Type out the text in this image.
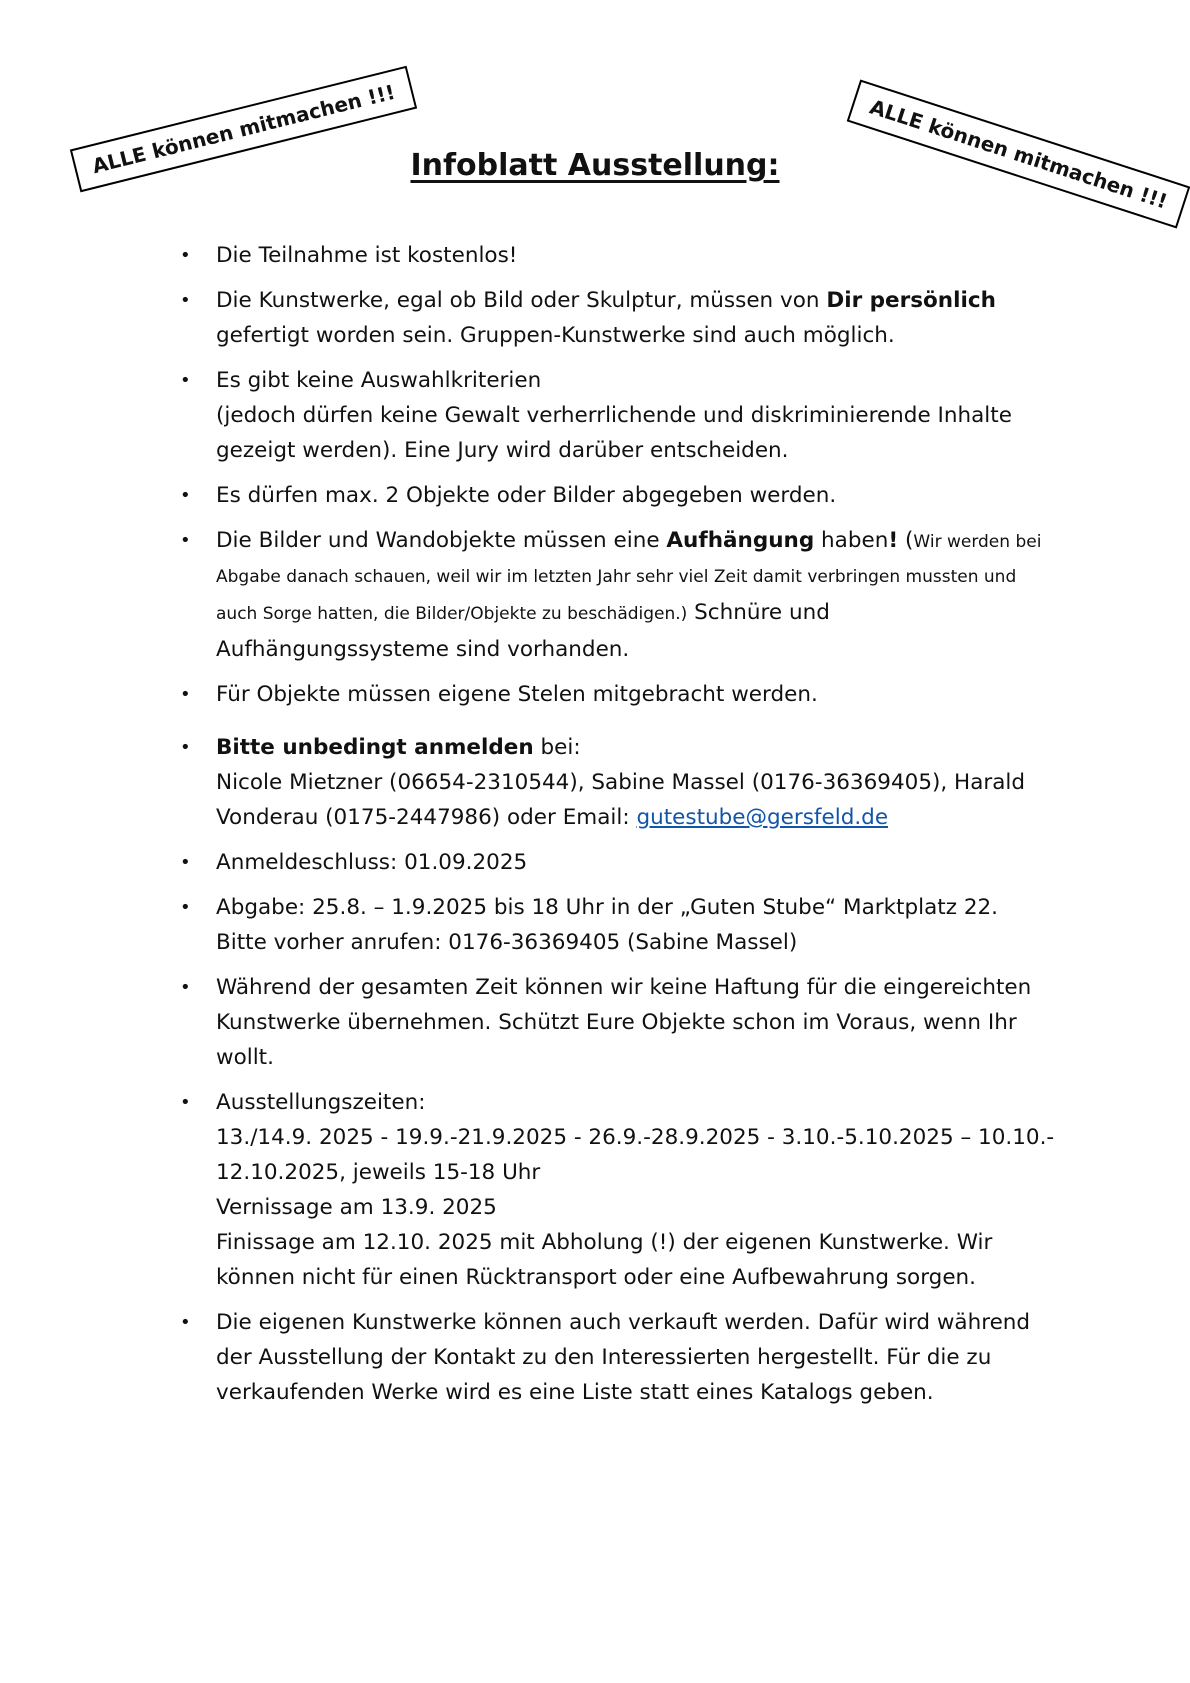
ALLE können mitmachen !!!	ALLE können mitmachen !!!
Infoblatt Ausstellung:
• Die Teilnahme ist kostenlos!
• Die Kunstwerke, egal ob Bild oder Skulptur, müssen von Dir persönlich
gefertigt worden sein. Gruppen-Kunstwerke sind auch möglich.
• Es gibt keine Auswahlkriterien
(jedoch dürfen keine Gewalt verherrlichende und diskriminierende Inhalte
gezeigt werden). Eine Jury wird darüber entscheiden.
• Es dürfen max. 2 Objekte oder Bilder abgegeben werden.
• Die Bilder und Wandobjekte müssen eine Aufhängung haben! (Wir werden bei
Abgabe danach schauen, weil wir im letzten Jahr sehr viel Zeit damit verbringen mussten und
auch Sorge hatten, die Bilder/Objekte zu beschädigen.) Schnüre und
Aufhängungssysteme sind vorhanden.
• Für Objekte müssen eigene Stelen mitgebracht werden.
• Bitte unbedingt anmelden bei:
Nicole Mietzner (06654-2310544), Sabine Massel (0176-36369405), Harald
Vonderau (0175-2447986) oder Email: gutestube@gersfeld.de
• Anmeldeschluss: 01.09.2025
• Abgabe: 25.8. – 1.9.2025 bis 18 Uhr in der „Guten Stube“ Marktplatz 22.
Bitte vorher anrufen: 0176-36369405 (Sabine Massel)
• Während der gesamten Zeit können wir keine Haftung für die eingereichten
Kunstwerke übernehmen. Schützt Eure Objekte schon im Voraus, wenn Ihr
wollt.
• Ausstellungszeiten:
13./14.9. 2025 - 19.9.-21.9.2025 - 26.9.-28.9.2025 - 3.10.-5.10.2025 – 10.10.-
12.10.2025, jeweils 15-18 Uhr
Vernissage am 13.9. 2025
Finissage am 12.10. 2025 mit Abholung (!) der eigenen Kunstwerke. Wir
können nicht für einen Rücktransport oder eine Aufbewahrung sorgen.
• Die eigenen Kunstwerke können auch verkauft werden. Dafür wird während
der Ausstellung der Kontakt zu den Interessierten hergestellt. Für die zu
verkaufenden Werke wird es eine Liste statt eines Katalogs geben.
